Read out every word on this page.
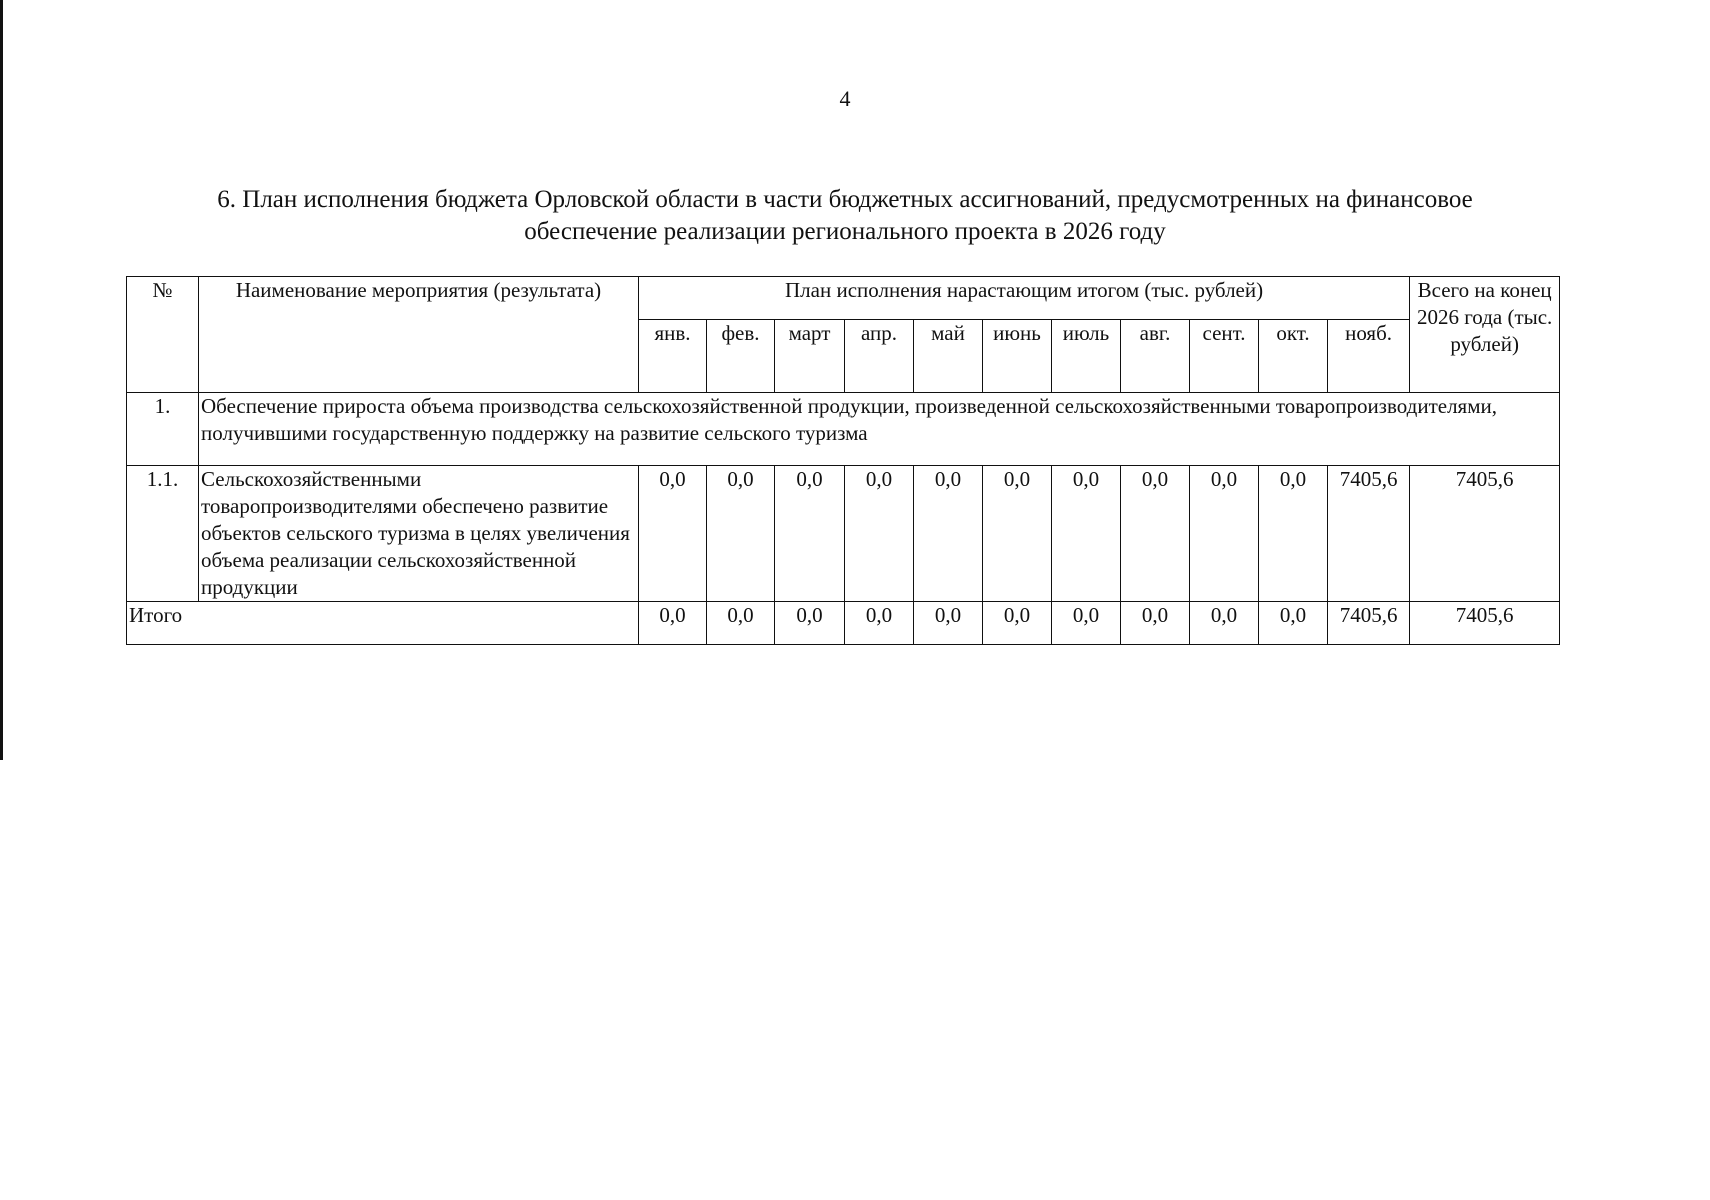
4
6. План исполнения бюджета Орловской области в части бюджетных ассигнований, предусмотренных на финансовое
обеспечение реализации регионального проекта в 2026 году
№	Наименование мероприятия (результата)	План исполнения нарастающим итогом (тыс. рублей)											Всего на конец 2026 года (тыс. рублей)
		янв.	фев.	март	апр.	май	июнь	июль	авг.	сент.	окт.	нояб.	
1.	Обеспечение прироста объема производства сельскохозяйственной продукции, произведенной сельскохозяйственными товаропроизводителями, получившими государственную поддержку на развитие сельского туризма												
1.1.	Сельскохозяйственными товаропроизводителями обеспечено развитие объектов сельского туризма в целях увеличения объема реализации сельскохозяйственной продукции	0,0	0,0	0,0	0,0	0,0	0,0	0,0	0,0	0,0	0,0	7405,6	7405,6
Итого		0,0	0,0	0,0	0,0	0,0	0,0	0,0	0,0	0,0	0,0	7405,6	7405,6
